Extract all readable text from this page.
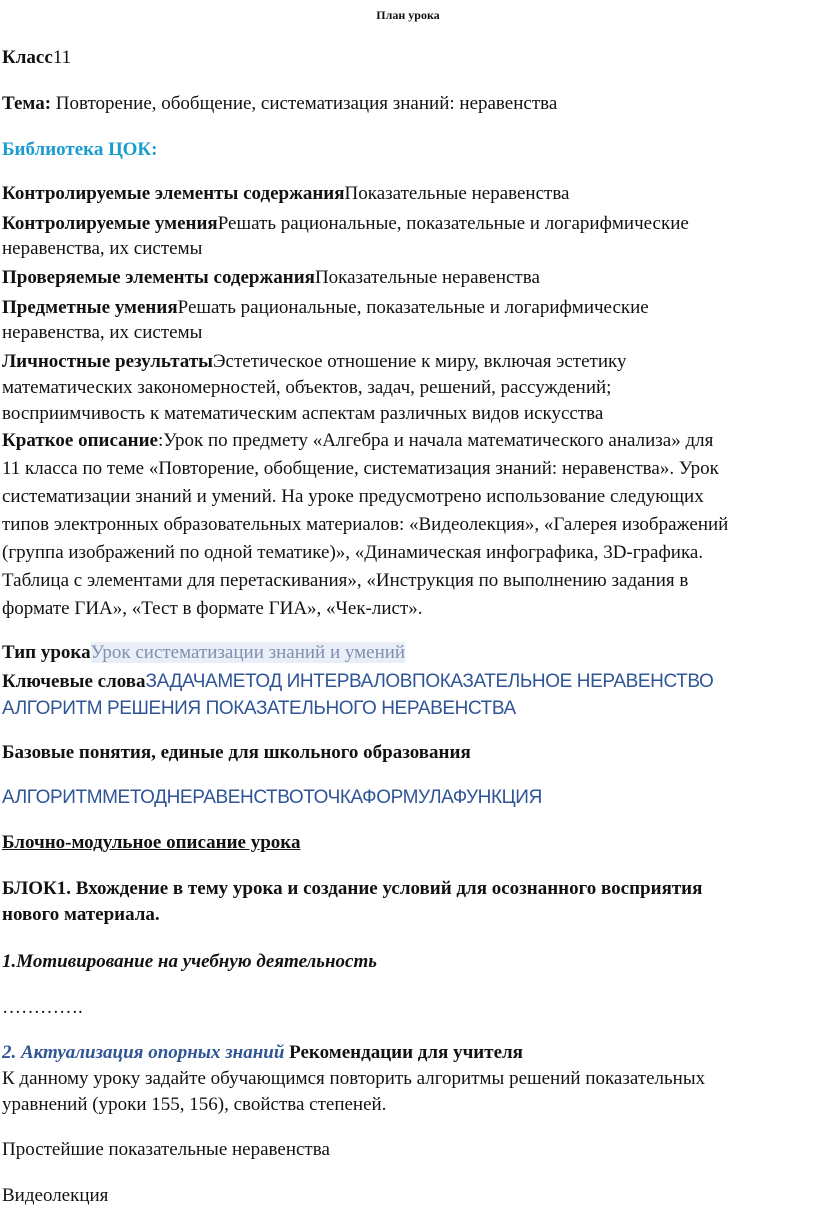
План урока
Класс11
Тема: Повторение, обобщение, систематизация знаний: неравенства
Библиотека ЦОК:
Контролируемые элементы содержанияПоказательные неравенства
Контролируемые уменияРешать рациональные, показательные и логарифмические
неравенства, их системы
Проверяемые элементы содержанияПоказательные неравенства
Предметные уменияРешать рациональные, показательные и логарифмические
неравенства, их системы
Личностные результатыЭстетическое отношение к миру, включая эстетику
математических закономерностей, объектов, задач, решений, рассуждений;
восприимчивость к математическим аспектам различных видов искусства
Краткое описание:Урок по предмету «Алгебра и начала математического анализа» для
11 класса по теме «Повторение, обобщение, систематизация знаний: неравенства». Урок
систематизации знаний и умений. На уроке предусмотрено использование следующих
типов электронных образовательных материалов: «Видеолекция», «Галерея изображений
(группа изображений по одной тематике)», «Динамическая инфографика, 3D-графика.
Таблица с элементами для перетаскивания», «Инструкция по выполнению задания в
формате ГИА», «Тест в формате ГИА», «Чек-лист».
Тип урокаУрок систематизации знаний и умений
Ключевые словаЗАДАЧАМЕТОД ИНТЕРВАЛОВПОКАЗАТЕЛЬНОЕ НЕРАВЕНСТВО
АЛГОРИТМ РЕШЕНИЯ ПОКАЗАТЕЛЬНОГО НЕРАВЕНСТВА
Базовые понятия, единые для школьного образования
АЛГОРИТММЕТОДНЕРАВЕНСТВОТОЧКАФОРМУЛАФУНКЦИЯ
Блочно-модульное описание урока
БЛОК1. Вхождение в тему урока и создание условий для осознанного восприятия
нового материала.
1.Мотивирование на учебную деятельность
………….
2. Актуализация опорных знаний Рекомендации для учителя
К данному уроку задайте обучающимся повторить алгоритмы решений показательных
уравнений (уроки 155, 156), свойства степеней.
Простейшие показательные неравенства
Видеолекция
